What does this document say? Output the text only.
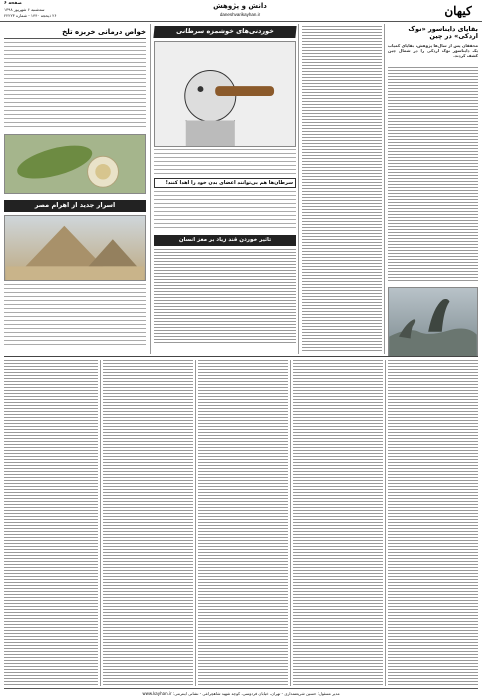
کیهان
دانش و پژوهش
daneshvarikayhan.ir
صفحه ۶
سه‌شنبه ۶ شهریور ۱۳۹۸
۲۶ ذیحجه ۱۴۴۰ - شماره ۲۲۲۲۳
بقایای دایناسور «نوک اردکی» در چین
محققان پس از سال‌ها پژوهش، بقایای کمیاب یک دایناسور نوک اردکی را در شمال چین کشف کردند.
خوردنی‌های خوشمزه سرطانی
سرطان‌ها هم بی‌توانند اعضای بدن خود را اهدا کنند!
تاثیر خوردن قند زیاد بر مغز انسان
خواص درمانی خربزه تلخ
اسرار جدید از اهرام مصر
مدیر مسئول: حسین شریعتمداری - تهران، خیابان فردوسی، کوچه شهید شاهچراغی - نشانی اینترنتی: www.kayhan.ir
